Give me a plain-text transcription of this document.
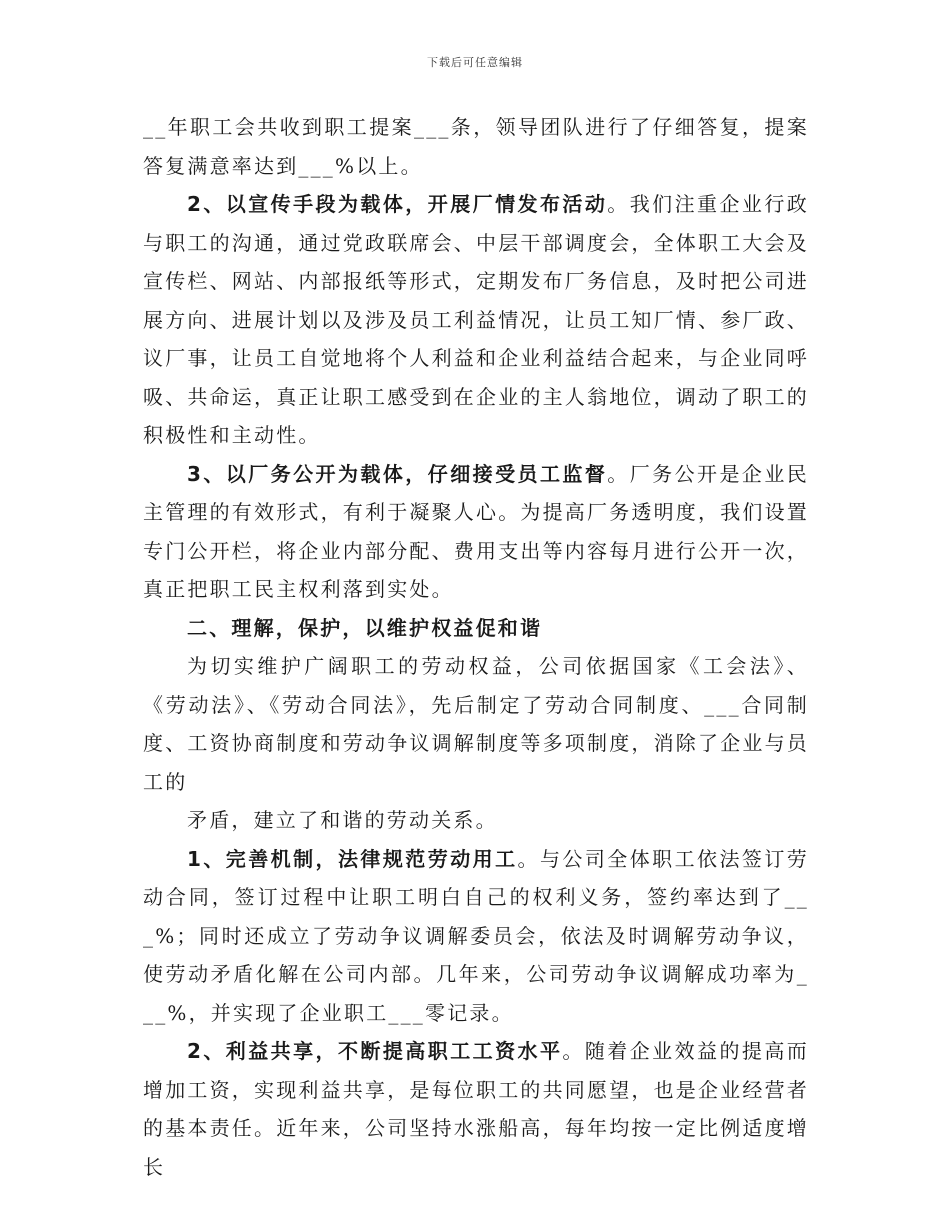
下载后可任意编辑

__年职工会共收到职工提案___条，领导团队进行了仔细答复，提案答复满意率达到___%以上。

2、以宣传手段为载体，开展厂情发布活动。我们注重企业行政与职工的沟通，通过党政联席会、中层干部调度会，全体职工大会及宣传栏、网站、内部报纸等形式，定期发布厂务信息，及时把公司进展方向、进展计划以及涉及员工利益情况，让员工知厂情、参厂政、议厂事，让员工自觉地将个人利益和企业利益结合起来，与企业同呼吸、共命运，真正让职工感受到在企业的主人翁地位，调动了职工的积极性和主动性。

3、以厂务公开为载体，仔细接受员工监督。厂务公开是企业民主管理的有效形式，有利于凝聚人心。为提高厂务透明度，我们设置专门公开栏，将企业内部分配、费用支出等内容每月进行公开一次，真正把职工民主权利落到实处。

二、理解，保护，以维护权益促和谐

为切实维护广阔职工的劳动权益，公司依据国家《工会法》、《劳动法》、《劳动合同法》，先后制定了劳动合同制度、___合同制度、工资协商制度和劳动争议调解制度等多项制度，消除了企业与员工的

矛盾，建立了和谐的劳动关系。

1、完善机制，法律规范劳动用工。与公司全体职工依法签订劳动合同，签订过程中让职工明白自己的权利义务，签约率达到了___%；同时还成立了劳动争议调解委员会，依法及时调解劳动争议，使劳动矛盾化解在公司内部。几年来，公司劳动争议调解成功率为___%，并实现了企业职工___零记录。

2、利益共享，不断提高职工工资水平。随着企业效益的提高而增加工资，实现利益共享，是每位职工的共同愿望，也是企业经营者的基本责任。近年来，公司坚持水涨船高，每年均按一定比例适度增长
